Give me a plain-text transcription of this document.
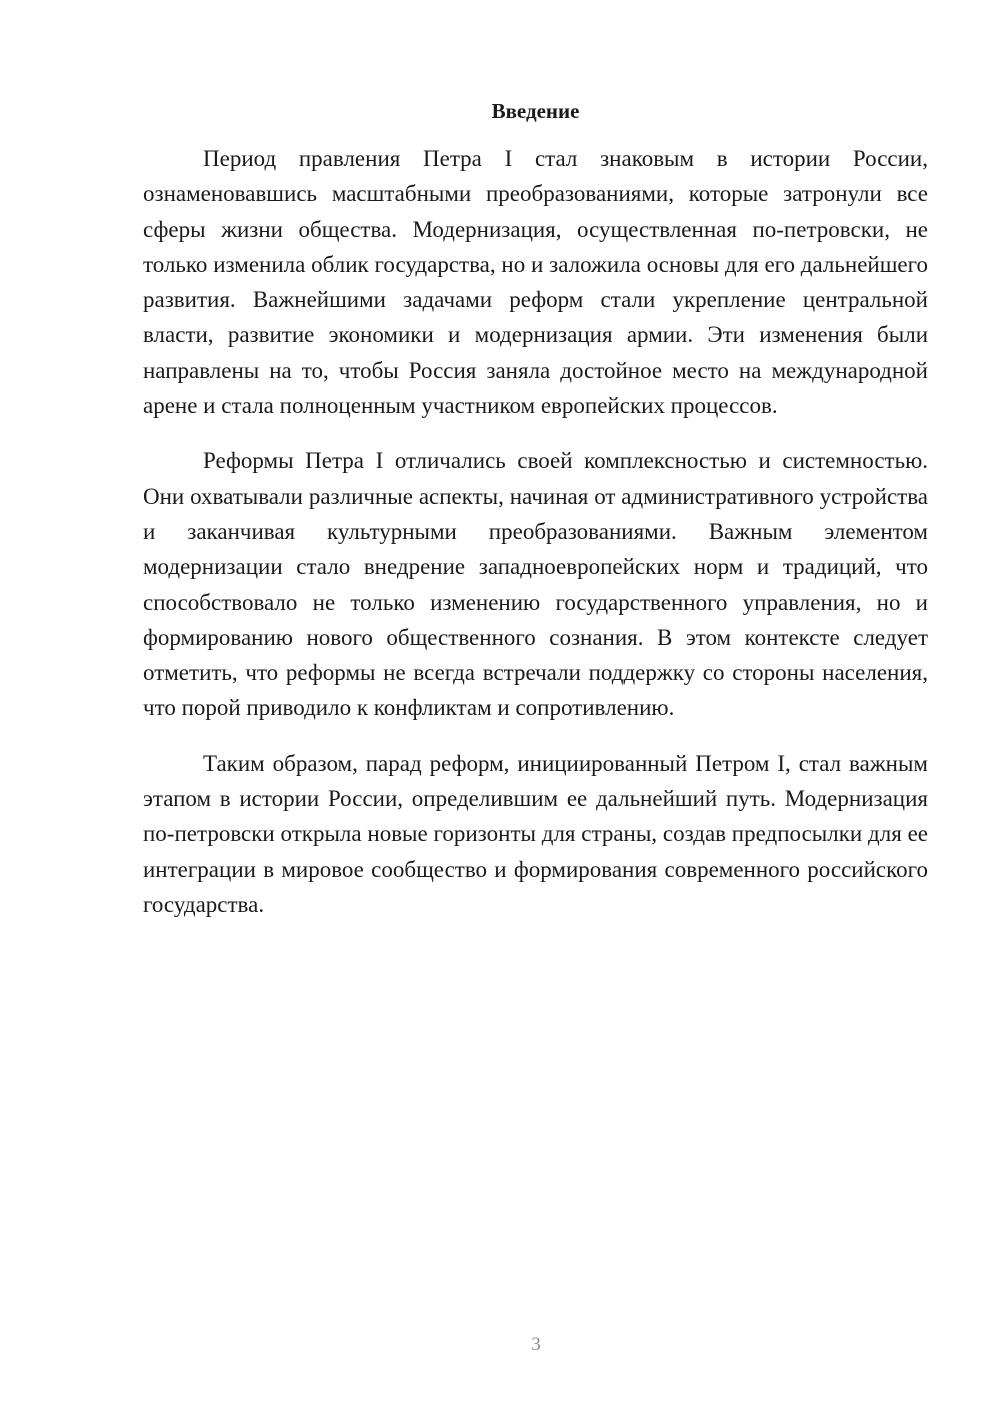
Введение

Период правления Петра I стал знаковым в истории России, ознаменовавшись масштабными преобразованиями, которые затронули все сферы жизни общества. Модернизация, осуществленная по-петровски, не только изменила облик государства, но и заложила основы для его дальнейшего развития. Важнейшими задачами реформ стали укрепление центральной власти, развитие экономики и модернизация армии. Эти изменения были направлены на то, чтобы Россия заняла достойное место на международной арене и стала полноценным участником европейских процессов.

Реформы Петра I отличались своей комплексностью и системностью. Они охватывали различные аспекты, начиная от административного устройства и заканчивая культурными преобразованиями. Важным элементом модернизации стало внедрение западноевропейских норм и традиций, что способствовало не только изменению государственного управления, но и формированию нового общественного сознания. В этом контексте следует отметить, что реформы не всегда встречали поддержку со стороны населения, что порой приводило к конфликтам и сопротивлению.

Таким образом, парад реформ, инициированный Петром I, стал важным этапом в истории России, определившим ее дальнейший путь. Модернизация по-петровски открыла новые горизонты для страны, создав предпосылки для ее интеграции в мировое сообщество и формирования современного российского государства.

3
